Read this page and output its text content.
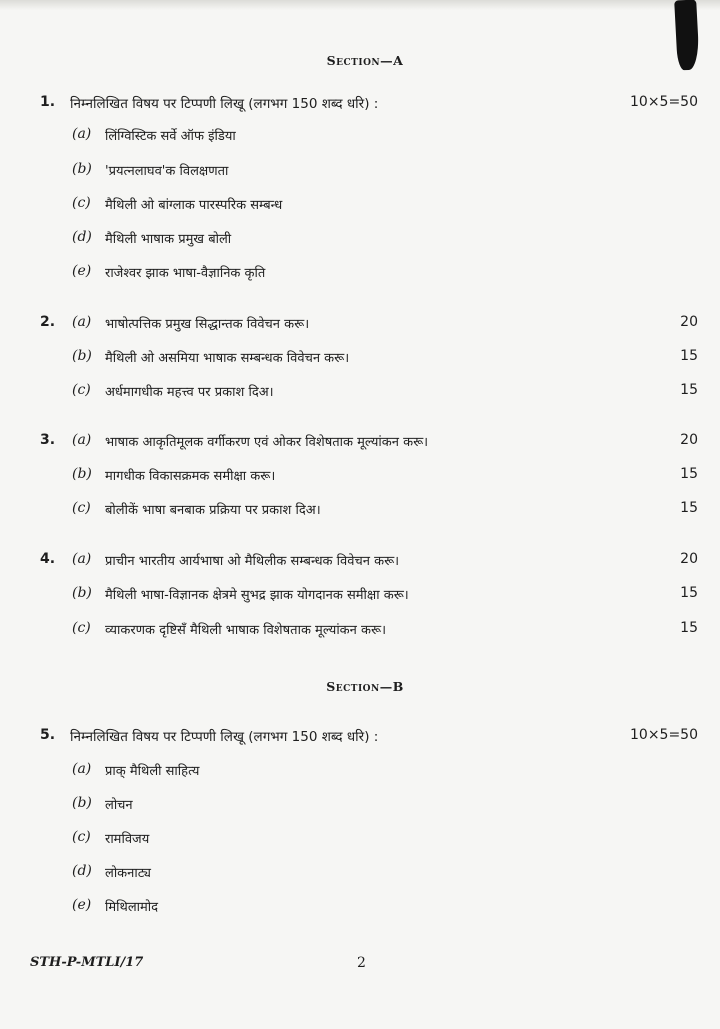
Section—A
1. निम्नलिखित विषय पर टिप्पणी लिखू (लगभग 150 शब्द धरि) :	10×5=50
(a) लिंग्विस्टिक सर्वे ऑफ इंडिया
(b) 'प्रयत्नलाघव'क विलक्षणता
(c) मैथिली ओ बांग्लाक पारस्परिक सम्बन्ध
(d) मैथिली भाषाक प्रमुख बोली
(e) राजेश्वर झाक भाषा-वैज्ञानिक कृति
2. (a) भाषोत्पत्तिक प्रमुख सिद्धान्तक विवेचन करू।	20
(b) मैथिली ओ असमिया भाषाक सम्बन्धक विवेचन करू।	15
(c) अर्धमागधीक महत्त्व पर प्रकाश दिअ।	15
3. (a) भाषाक आकृतिमूलक वर्गीकरण एवं ओकर विशेषताक मूल्यांकन करू।	20
(b) मागधीक विकासक्रमक समीक्षा करू।	15
(c) बोलीकें भाषा बनबाक प्रक्रिया पर प्रकाश दिअ।	15
4. (a) प्राचीन भारतीय आर्यभाषा ओ मैथिलीक सम्बन्धक विवेचन करू।	20
(b) मैथिली भाषा-विज्ञानक क्षेत्रमे सुभद्र झाक योगदानक समीक्षा करू।	15
(c) व्याकरणक दृष्टिसँ मैथिली भाषाक विशेषताक मूल्यांकन करू।	15
Section—B
5. निम्नलिखित विषय पर टिप्पणी लिखू (लगभग 150 शब्द धरि) :	10×5=50
(a) प्राक् मैथिली साहित्य
(b) लोचन
(c) रामविजय
(d) लोकनाट्य
(e) मिथिलामोद
STH-P-MTLI/17	2
